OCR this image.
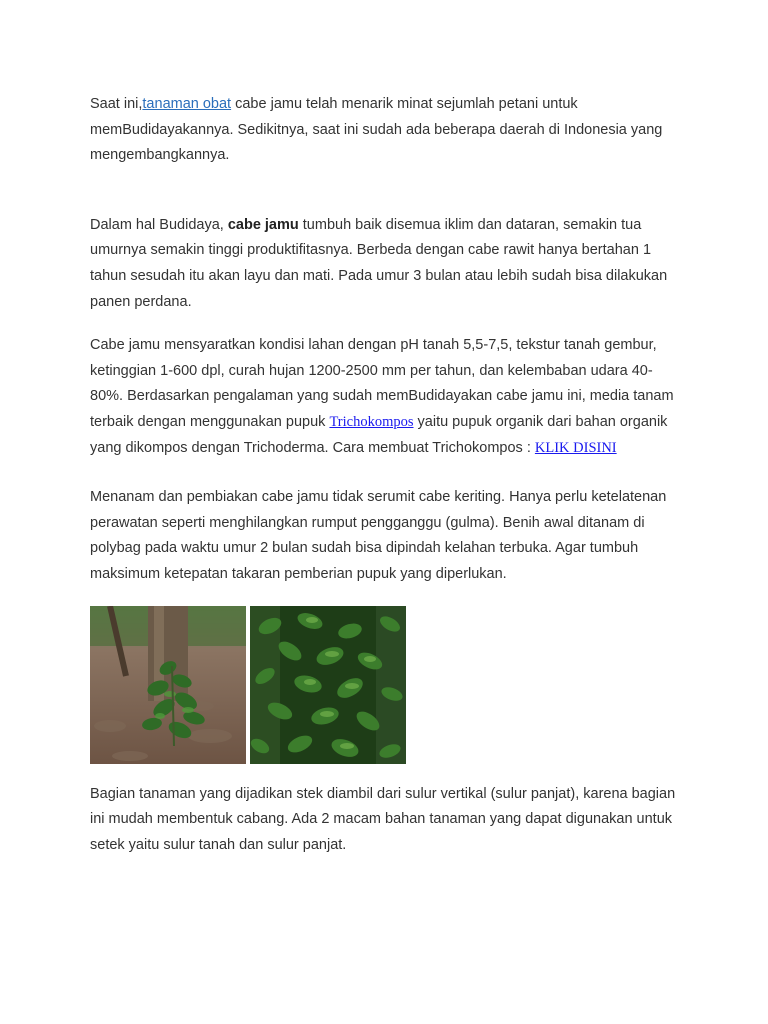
Saat ini,tanaman obat cabe jamu telah menarik minat sejumlah petani untuk memBudidayakannya. Sedikitnya, saat ini sudah ada beberapa daerah di Indonesia yang mengembangkannya.

Dalam hal Budidaya, cabe jamu tumbuh baik disemua iklim dan dataran, semakin tua umurnya semakin tinggi produktifitasnya. Berbeda dengan cabe rawit hanya bertahan 1 tahun sesudah itu akan layu dan mati. Pada umur 3 bulan atau lebih sudah bisa dilakukan panen perdana.

Cabe jamu mensyaratkan kondisi lahan dengan pH tanah 5,5-7,5, tekstur tanah gembur, ketinggian 1-600 dpl, curah hujan 1200-2500 mm per tahun, dan kelembaban udara 40-80%. Berdasarkan pengalaman yang sudah memBudidayakan cabe jamu ini, media tanam terbaik dengan menggunakan pupuk Trichokompos yaitu pupuk organik dari bahan organik yang dikompos dengan Trichoderma. Cara membuat Trichokompos : KLIK DISINI

Menanam dan pembiakan cabe jamu tidak serumit cabe keriting. Hanya perlu ketelatenan perawatan seperti menghilangkan rumput pengganggu (gulma). Benih awal ditanam di polybag pada waktu umur 2 bulan sudah bisa dipindah kelahan terbuka. Agar tumbuh maksimum ketepatan takaran pemberian pupuk yang diperlukan.

Bagian tanaman yang dijadikan stek diambil dari sulur vertikal (sulur panjat), karena bagian ini mudah membentuk cabang. Ada 2 macam bahan tanaman yang dapat digunakan untuk setek yaitu sulur tanah dan sulur panjat.
